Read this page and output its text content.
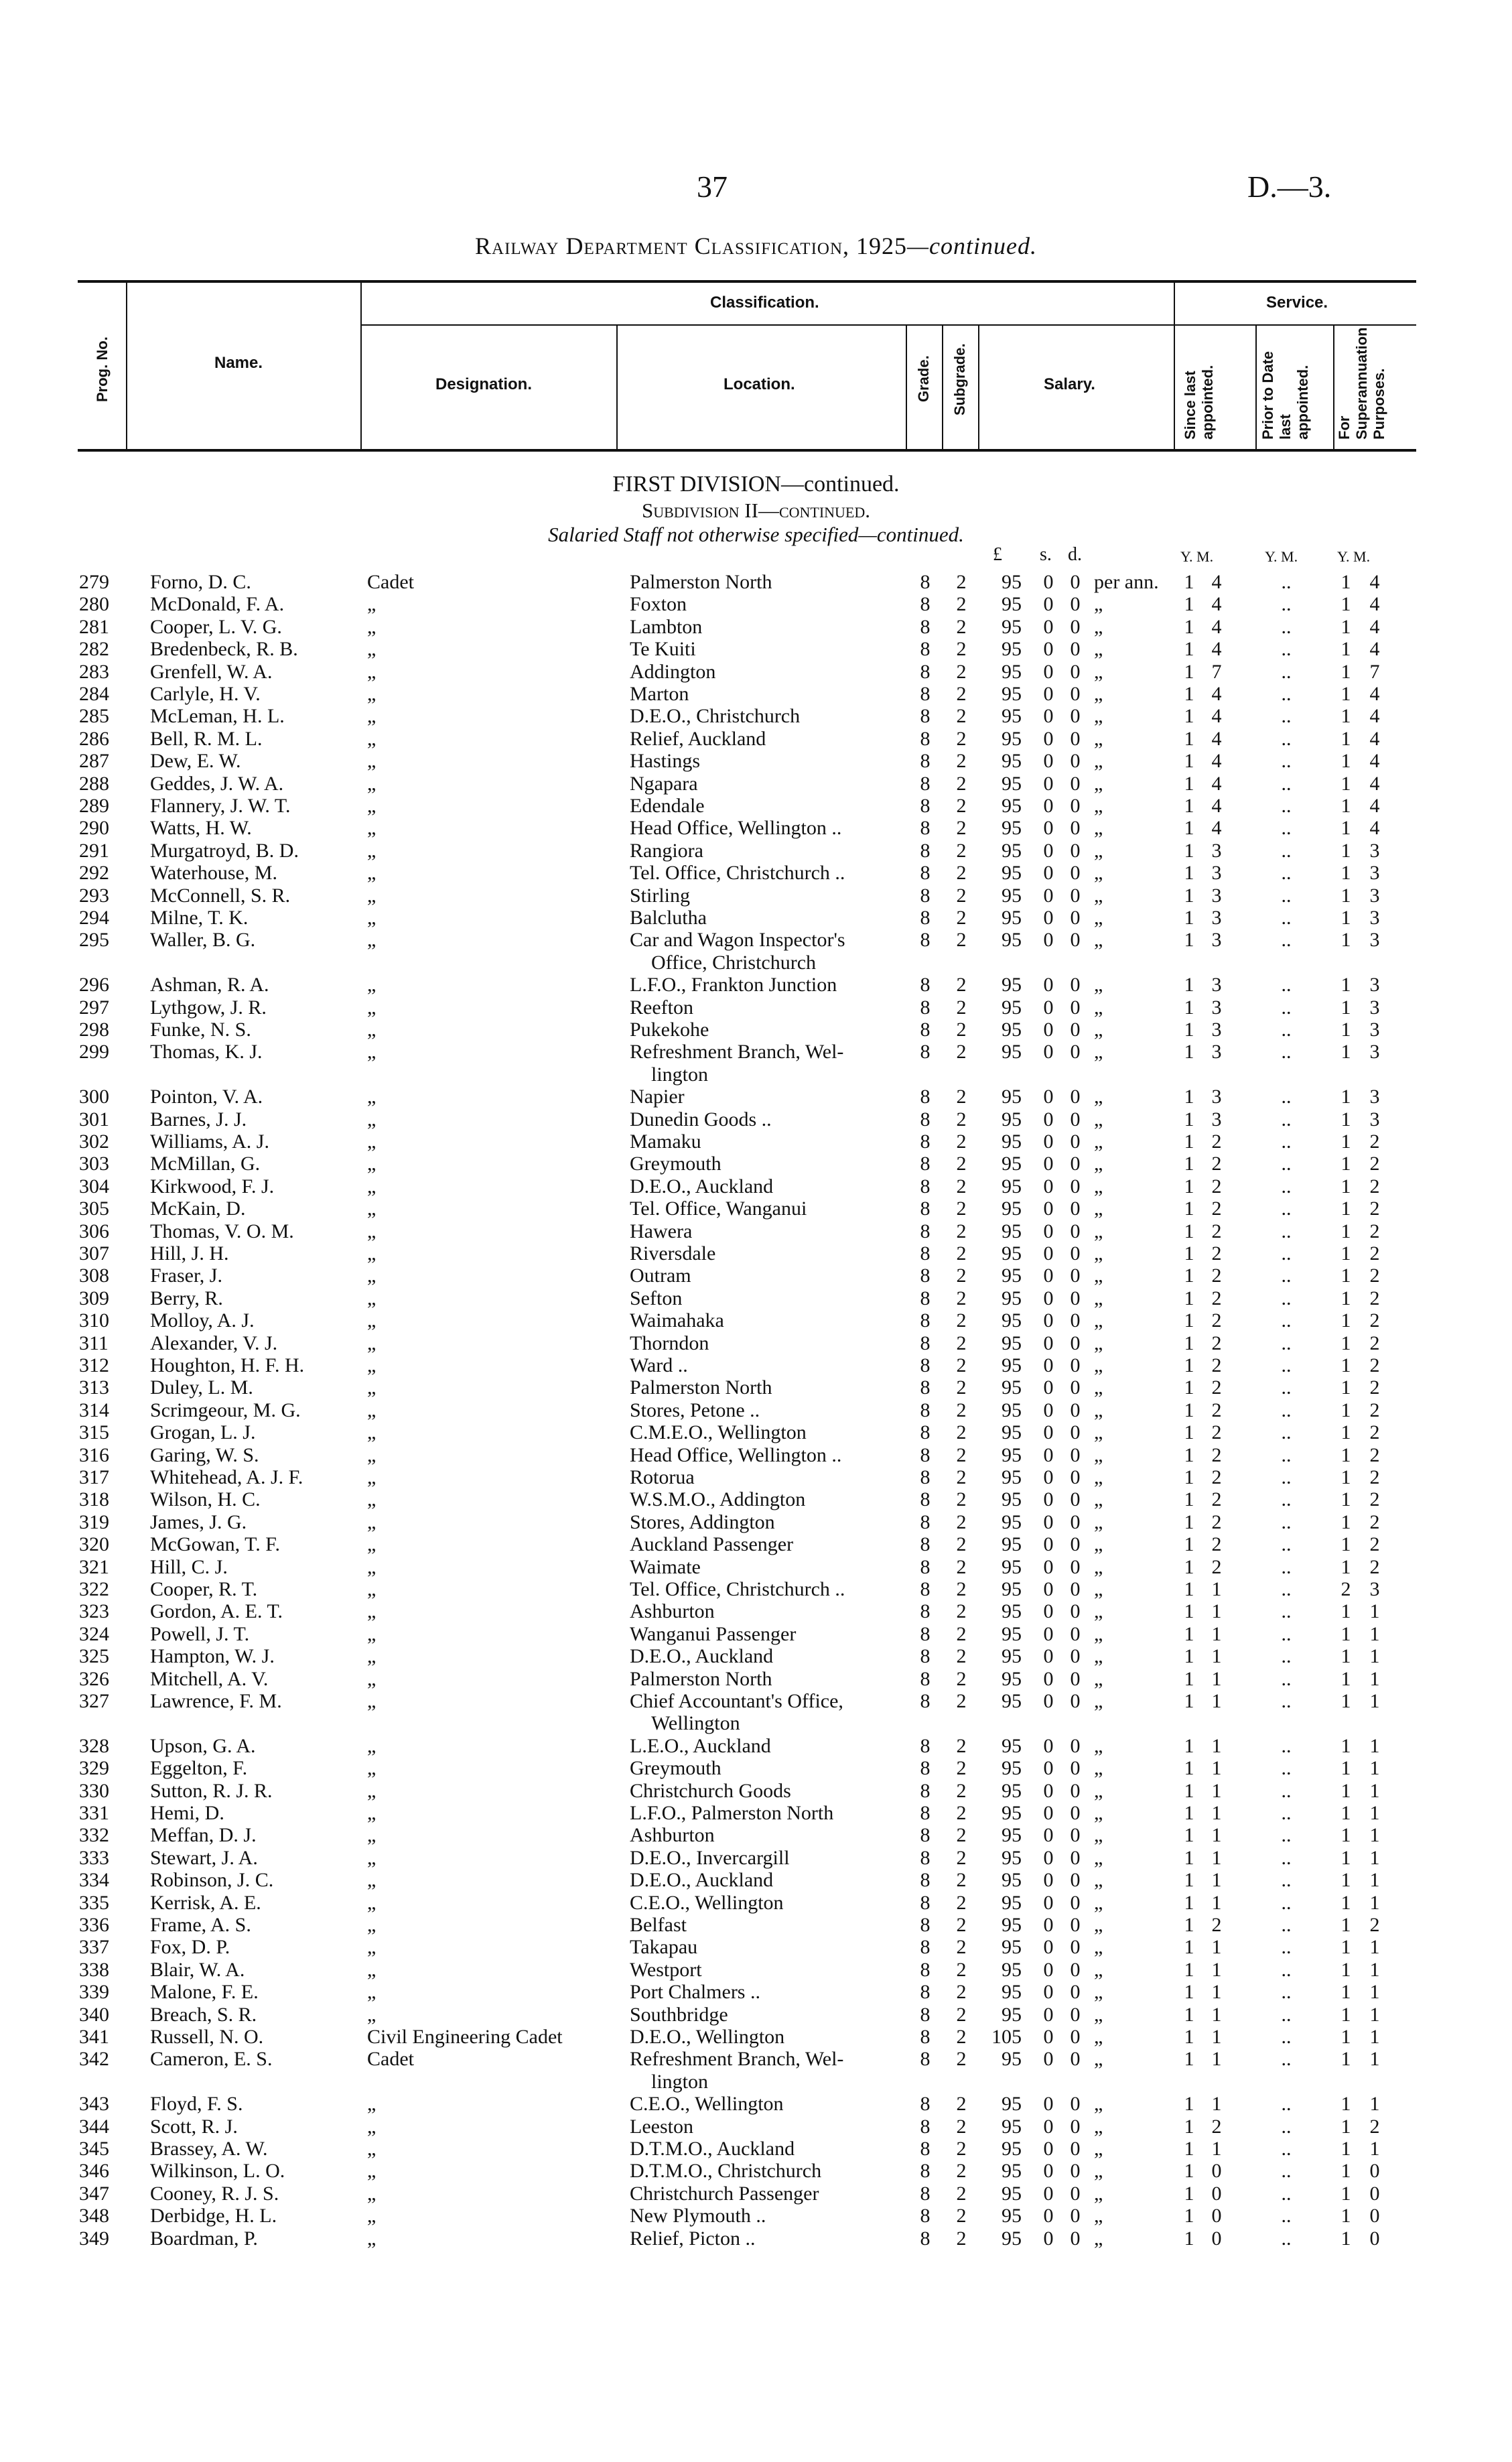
37	D.—3.
Railway Department Classification, 1925—continued.
Prog. No.	Name.
Classification.	Service.
Designation.	Location.	Grade. Subgrade.	Salary.	Since last appointed.	Prior to Date last appointed. For Superannuation Purposes.
FIRST DIVISION—continued.
Subdivision II—continued.
Salaried Staff not otherwise specified—continued.
£ s. d.	Y. M.	Y. M.	Y. M.
279 Forno, D. C.	Cadet	Palmerston North	8 2	95 0 0 per ann. 1 4	..	1 4
280 McDonald, F. A.	„	Foxton	8 2	95 0 0 „	1 4	..	1 4
281 Cooper, L. V. G.	„	Lambton	8 2	95 0 0 „	1 4	..	1 4
282 Bredenbeck, R. B.	„	Te Kuiti	8 2	95 0 0 „	1 4	..	1 4
283 Grenfell, W. A.	„	Addington	8 2	95 0 0 „	1 7	..	1 7
284 Carlyle, H. V.	„	Marton	8 2	95 0 0 „	1 4	..	1 4
285 McLeman, H. L.	„	D.E.O., Christchurch	8 2	95 0 0 „	1 4	..	1 4
286 Bell, R. M. L.	„	Relief, Auckland	8 2	95 0 0 „	1 4	..	1 4
287 Dew, E. W.	„	Hastings	8 2	95 0 0 „	1 4	..	1 4
288 Geddes, J. W. A.	„	Ngapara	8 2	95 0 0 „	1 4	..	1 4
289 Flannery, J. W. T.	„	Edendale	8 2	95 0 0 „	1 4	..	1 4
290 Watts, H. W.	„	Head Office, Wellington ..	8 2	95 0 0 „	1 4	..	1 4
291 Murgatroyd, B. D.	„	Rangiora	8 2	95 0 0 „	1 3	..	1 3
292 Waterhouse, M.	„	Tel. Office, Christchurch ..	8 2	95 0 0 „	1 3	..	1 3
293 McConnell, S. R.	„	Stirling	8 2	95 0 0 „	1 3	..	1 3
294 Milne, T. K.	„	Balclutha	8 2	95 0 0 „	1 3	..	1 3
295 Waller, B. G.	„	Car and Wagon Inspector's	8 2	95 0 0 „	1 3	..	1 3
Office, Christchurch
296 Ashman, R. A.	„	L.F.O., Frankton Junction	8 2	95 0 0 „	1 3	..	1 3
297 Lythgow, J. R.	„	Reefton	8 2	95 0 0 „	1 3	..	1 3
298 Funke, N. S.	„	Pukekohe	8 2	95 0 0 „	1 3	..	1 3
299 Thomas, K. J.	„	Refreshment Branch, Wel-	8 2	95 0 0 „	1 3	..	1 3
lington
300 Pointon, V. A.	„	Napier	8 2	95 0 0 „	1 3	..	1 3
301 Barnes, J. J.	„	Dunedin Goods ..	8 2	95 0 0 „	1 3	..	1 3
302 Williams, A. J.	„	Mamaku	8 2	95 0 0 „	1 2	..	1 2
303 McMillan, G.	„	Greymouth	8 2	95 0 0 „	1 2	..	1 2
304 Kirkwood, F. J.	„	D.E.O., Auckland	8 2	95 0 0 „	1 2	..	1 2
305 McKain, D.	„	Tel. Office, Wanganui	8 2	95 0 0 „	1 2	..	1 2
306 Thomas, V. O. M.	„	Hawera	8 2	95 0 0 „	1 2	..	1 2
307 Hill, J. H.	„	Riversdale	8 2	95 0 0 „	1 2	..	1 2
308 Fraser, J.	„	Outram	8 2	95 0 0 „	1 2	..	1 2
309 Berry, R.	„	Sefton	8 2	95 0 0 „	1 2	..	1 2
310 Molloy, A. J.	„	Waimahaka	8 2	95 0 0 „	1 2	..	1 2
311 Alexander, V. J.	„	Thorndon	8 2	95 0 0 „	1 2	..	1 2
312 Houghton, H. F. H.	„	Ward ..	8 2	95 0 0 „	1 2	..	1 2
313 Duley, L. M.	„	Palmerston North	8 2	95 0 0 „	1 2	..	1 2
314 Scrimgeour, M. G.	„	Stores, Petone ..	8 2	95 0 0 „	1 2	..	1 2
315 Grogan, L. J.	„	C.M.E.O., Wellington	8 2	95 0 0 „	1 2	..	1 2
316 Garing, W. S.	„	Head Office, Wellington ..	8 2	95 0 0 „	1 2	..	1 2
317 Whitehead, A. J. F.	„	Rotorua	8 2	95 0 0 „	1 2	..	1 2
318 Wilson, H. C.	„	W.S.M.O., Addington	8 2	95 0 0 „	1 2	..	1 2
319 James, J. G.	„	Stores, Addington	8 2	95 0 0 „	1 2	..	1 2
320 McGowan, T. F.	„	Auckland Passenger	8 2	95 0 0 „	1 2	..	1 2
321 Hill, C. J.	„	Waimate	8 2	95 0 0 „	1 2	..	1 2
322 Cooper, R. T.	„	Tel. Office, Christchurch ..	8 2	95 0 0 „	1 1	..	2 3
323 Gordon, A. E. T.	„	Ashburton	8 2	95 0 0 „	1 1	..	1 1
324 Powell, J. T.	„	Wanganui Passenger	8 2	95 0 0 „	1 1	..	1 1
325 Hampton, W. J.	„	D.E.O., Auckland	8 2	95 0 0 „	1 1	..	1 1
326 Mitchell, A. V.	„	Palmerston North	8 2	95 0 0 „	1 1	..	1 1
327 Lawrence, F. M.	„	Chief Accountant's Office,	8 2	95 0 0 „	1 1	..	1 1
Wellington
328 Upson, G. A.	„	L.E.O., Auckland	8 2	95 0 0 „	1 1	..	1 1
329 Eggelton, F.	„	Greymouth	8 2	95 0 0 „	1 1	..	1 1
330 Sutton, R. J. R.	„	Christchurch Goods	8 2	95 0 0 „	1 1	..	1 1
331 Hemi, D.	„	L.F.O., Palmerston North	8 2	95 0 0 „	1 1	..	1 1
332 Meffan, D. J.	„	Ashburton	8 2	95 0 0 „	1 1	..	1 1
333 Stewart, J. A.	„	D.E.O., Invercargill	8 2	95 0 0 „	1 1	..	1 1
334 Robinson, J. C.	„	D.E.O., Auckland	8 2	95 0 0 „	1 1	..	1 1
335 Kerrisk, A. E.	„	C.E.O., Wellington	8 2	95 0 0 „	1 1	..	1 1
336 Frame, A. S.	„	Belfast	8 2	95 0 0 „	1 2	..	1 2
337 Fox, D. P.	„	Takapau	8 2	95 0 0 „	1 1	..	1 1
338 Blair, W. A.	„	Westport	8 2	95 0 0 „	1 1	..	1 1
339 Malone, F. E.	„	Port Chalmers ..	8 2	95 0 0 „	1 1	..	1 1
340 Breach, S. R.	„	Southbridge	8 2	95 0 0 „	1 1	..	1 1
341 Russell, N. O.	Civil Engineering Cadet	D.E.O., Wellington	8 2	105 0 0 „	1 1	..	1 1
342 Cameron, E. S.	Cadet	Refreshment Branch, Wel-	8 2	95 0 0 „	1 1	..	1 1
lington
343 Floyd, F. S.	„	C.E.O., Wellington	8 2	95 0 0 „	1 1	..	1 1
344 Scott, R. J.	„	Leeston	8 2	95 0 0 „	1 2	..	1 2
345 Brassey, A. W.	„	D.T.M.O., Auckland	8 2	95 0 0 „	1 1	..	1 1
346 Wilkinson, L. O.	„	D.T.M.O., Christchurch	8 2	95 0 0 „	1 0	..	1 0
347 Cooney, R. J. S.	„	Christchurch Passenger	8 2	95 0 0 „	1 0	..	1 0
348 Derbidge, H. L.	„	New Plymouth ..	8 2	95 0 0 „	1 0	..	1 0
349 Boardman, P.	„	Relief, Picton ..	8 2	95 0 0 „	1 0	..	1 0
